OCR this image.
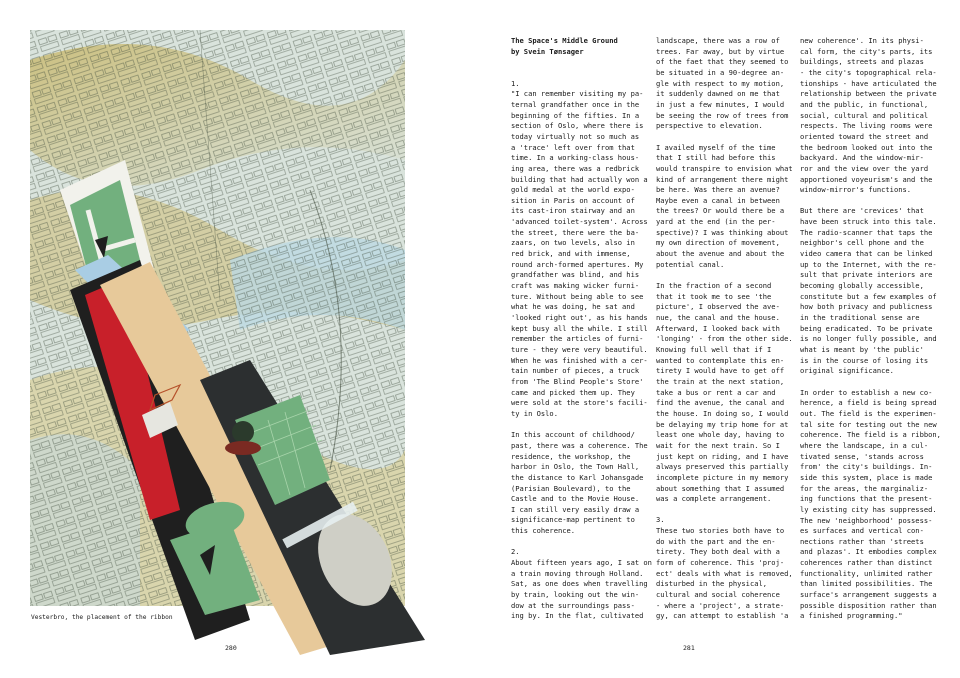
Vesterbro, the placement of the ribbon
280
The Space's Middle Ground
by Svein Tønsager
1.
"I can remember visiting my pa-
ternal grandfather once in the
beginning of the fifties. In a
section of Oslo, where there is
today virtually not so much as
a 'trace' left over from that
time. In a working-class hous-
ing area, there was a redbrick
building that had actually won a
gold medal at the world expo-
sition in Paris on account of
its cast-iron stairway and an
'advanced toilet-system'. Across
the street, there were the ba-
zaars, on two levels, also in
red brick, and with immense,
round arch-formed apertures. My
grandfather was blind, and his
craft was making wicker furni-
ture. Without being able to see
what he was doing, he sat and
'looked right out', as his hands
kept busy all the while. I still
remember the articles of furni-
ture - they were very beautiful.
When he was finished with a cer-
tain number of pieces, a truck
from 'The Blind People's Store'
came and picked them up. They
were sold at the store's facili-
ty in Oslo.
In this account of childhood/
past, there was a coherence. The
residence, the workshop, the
harbor in Oslo, the Town Hall,
the distance to Karl Johansgade
(Parisian Boulevard), to the
Castle and to the Movie House.
I can still very easily draw a
significance-map pertinent to
this coherence.
2.
About fifteen years ago, I sat on
a train moving through Holland.
Sat, as one does when travelling
by train, looking out the win-
dow at the surroundings pass-
ing by. In the flat, cultivated
landscape, there was a row of
trees. Far away, but by virtue
of the faet that they seemed to
be situated in a 90-degree an-
gle with respect to my motion,
it suddenly dawned on me that
in just a few minutes, I would
be seeing the row of trees from
perspective to elevation.
I availed myself of the time
that I still had before this
would transpire to envision what
kind of arrangement there might
be here. Was there an avenue?
Maybe even a canal in between
the trees? Or would there be a
yard at the end (in the per-
spective)? I was thinking about
my own direction of movement,
about the avenue and about the
potential canal.
In the fraction of a second
that it took me to see 'the
picture', I observed the ave-
nue, the canal and the house.
Afterward, I looked back with
'longing' - from the other side.
Knowing full well that if I
wanted to contemplate this en-
tirety I would have to get off
the train at the next station,
take a bus or rent a car and
find the avenue, the canal and
the house. In doing so, I would
be delaying my trip home for at
least one whole day, having to
wait for the next train. So I
just kept on riding, and I have
always preserved this partially
incomplete picture in my memory
about something that I assumed
was a complete arrangement.
3.
These two stories both have to
do with the part and the en-
tirety. They both deal with a
form of coherence. This 'proj-
ect' deals with what is removed,
disturbed in the physical,
cultural and social coherence
- where a 'project', a strate-
gy, can attempt to establish 'a
new coherence'. In its physi-
cal form, the city's parts, its
buildings, streets and plazas
- the city's topographical rela-
tionships - have articulated the
relationship between the private
and the public, in functional,
social, cultural and political
respects. The living rooms were
oriented toward the street and
the bedroom looked out into the
backyard. And the window-mir-
ror and the view over the yard
apportioned voyeurism's and the
window-mirror's functions.
But there are 'crevices' that
have been struck into this tale.
The radio-scanner that taps the
neighbor's cell phone and the
video camera that can be linked
up to the Internet, with the re-
sult that private interiors are
becoming globally accessible,
constitute but a few examples of
how both privacy and publicness
in the traditional sense are
being eradicated. To be private
is no longer fully possible, and
what is meant by 'the public'
is in the course of losing its
original significance.
In order to establish a new co-
herence, a field is being spread
out. The field is the experimen-
tal site for testing out the new
coherence. The field is a ribbon,
where the landscape, in a cul-
tivated sense, 'stands across
from' the city's buildings. In-
side this system, place is made
for the areas, the marginaliz-
ing functions that the present-
ly existing city has suppressed.
The new 'neighborhood' possess-
es surfaces and vertical con-
nections rather than 'streets
and plazas'. It embodies complex
coherences rather than distinct
functionality, unlimited rather
than limited possibilities. The
surface's arrangement suggests a
possible disposition rather than
a finished programming."
281
